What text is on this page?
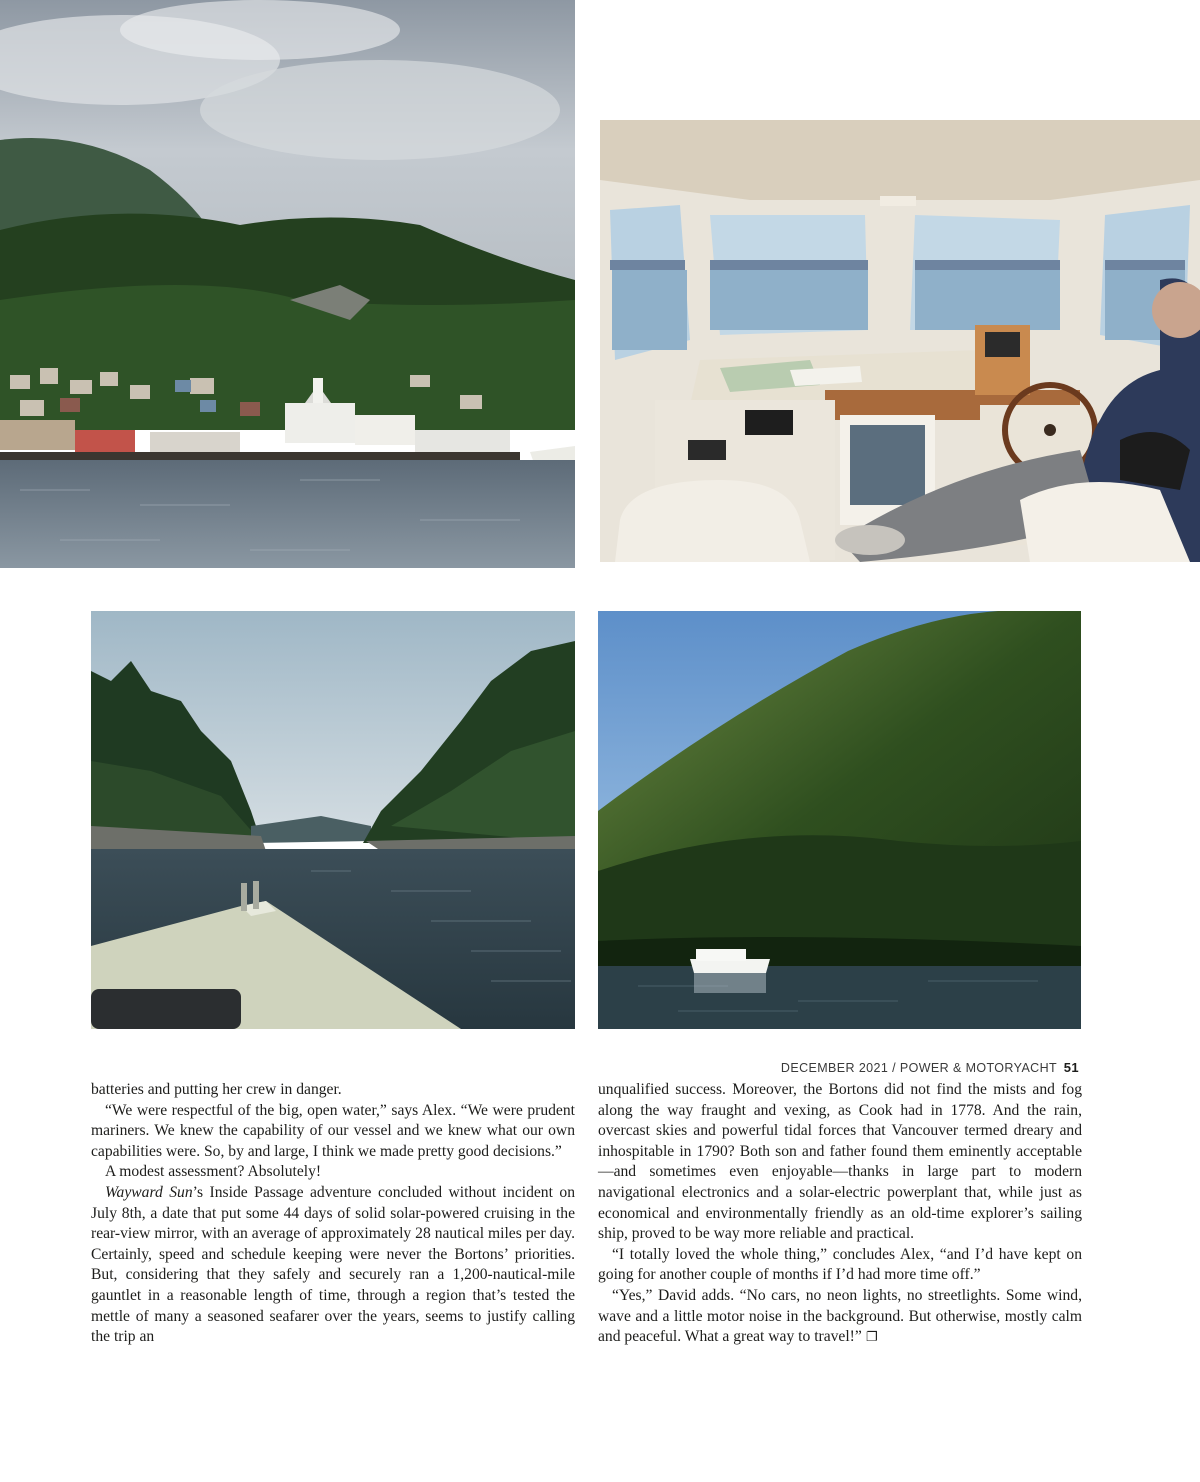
batteries and putting her crew in danger.

“We were respectful of the big, open water,” says Alex. “We were prudent mariners. We knew the capability of our vessel and we knew what our own capabilities were. So, by and large, I think we made pretty good decisions.”

A modest assessment? Absolutely!

Wayward Sun’s Inside Passage adventure concluded without incident on July 8th, a date that put some 44 days of solid solar-powered cruising in the rear-view mirror, with an average of approximately 28 nautical miles per day. Certainly, speed and schedule keeping were never the Bortons’ priorities. But, considering that they safely and securely ran a 1,200-nautical-mile gauntlet in a reasonable length of time, through a region that’s tested the mettle of many a seasoned seafarer over the years, seems to justify calling the trip an

unqualified success. Moreover, the Bortons did not find the mists and fog along the way fraught and vexing, as Cook had in 1778. And the rain, overcast skies and powerful tidal forces that Vancouver termed dreary and inhospitable in 1790? Both son and father found them eminently acceptable—and sometimes even enjoyable—thanks in large part to modern navigational electronics and a solar-electric powerplant that, while just as economical and environmentally friendly as an old-time explorer’s sailing ship, proved to be way more reliable and practical.

“I totally loved the whole thing,” concludes Alex, “and I’d have kept on going for another couple of months if I’d had more time off.”

“Yes,” David adds. “No cars, no neon lights, no streetlights. Some wind, wave and a little motor noise in the background. But otherwise, mostly calm and peaceful. What a great way to travel!” ❐

DECEMBER 2021 / POWER & MOTORYACHT 51
